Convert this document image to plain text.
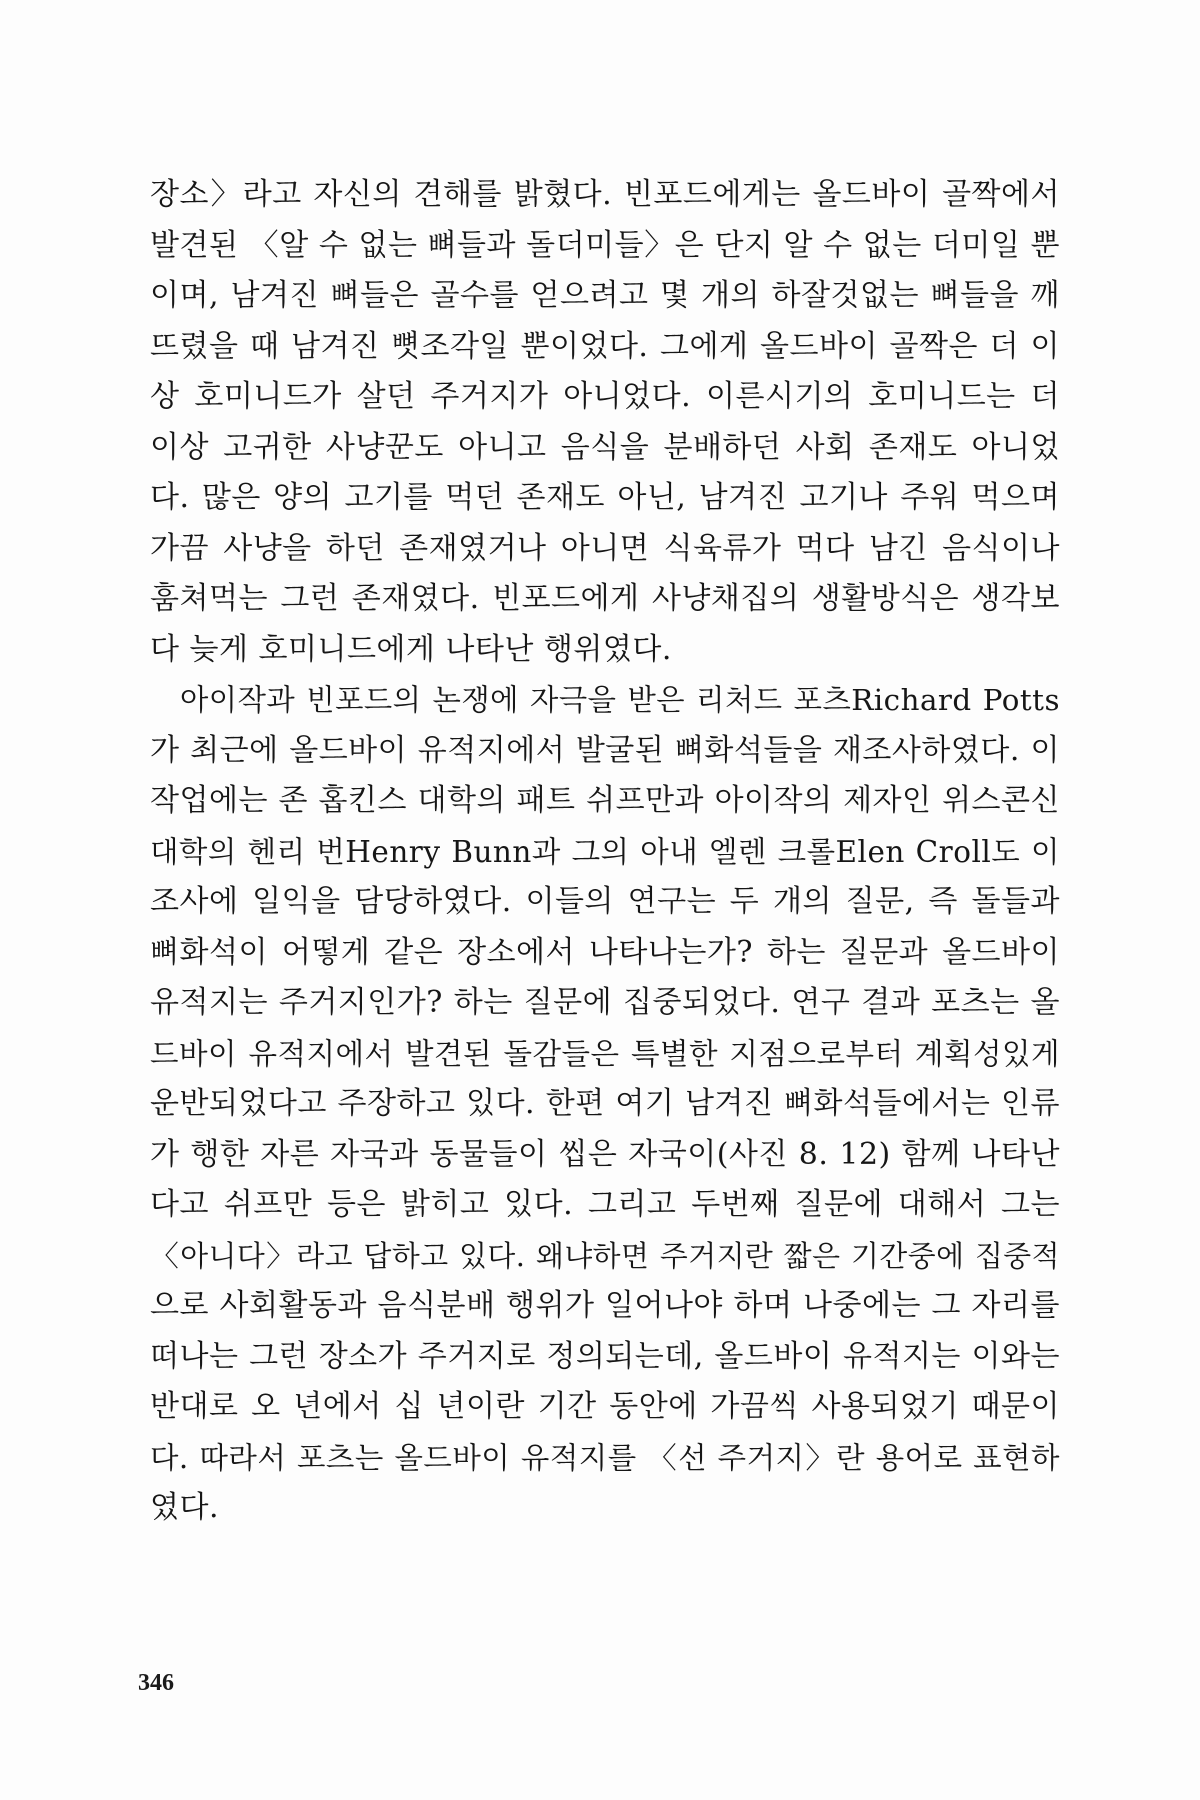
장소〉라고 자신의 견해를 밝혔다. 빈포드에게는 올드바이 골짝에서
발견된 〈알 수 없는 뼈들과 돌더미들〉은 단지 알 수 없는 더미일 뿐
이며, 남겨진 뼈들은 골수를 얻으려고 몇 개의 하잘것없는 뼈들을 깨
뜨렸을 때 남겨진 뼛조각일 뿐이었다. 그에게 올드바이 골짝은 더 이
상 호미니드가 살던 주거지가 아니었다. 이른시기의 호미니드는 더
이상 고귀한 사냥꾼도 아니고 음식을 분배하던 사회 존재도 아니었
다. 많은 양의 고기를 먹던 존재도 아닌, 남겨진 고기나 주워 먹으며
가끔 사냥을 하던 존재였거나 아니면 식육류가 먹다 남긴 음식이나
훔쳐먹는 그런 존재였다. 빈포드에게 사냥채집의 생활방식은 생각보
다 늦게 호미니드에게 나타난 행위였다.
아이작과 빈포드의 논쟁에 자극을 받은 리처드 포츠Richard Potts
가 최근에 올드바이 유적지에서 발굴된 뼈화석들을 재조사하였다. 이
작업에는 존 홉킨스 대학의 패트 쉬프만과 아이작의 제자인 위스콘신
대학의 헨리 번Henry Bunn과 그의 아내 엘렌 크롤Elen Croll도 이
조사에 일익을 담당하였다. 이들의 연구는 두 개의 질문, 즉 돌들과
뼈화석이 어떻게 같은 장소에서 나타나는가? 하는 질문과 올드바이
유적지는 주거지인가? 하는 질문에 집중되었다. 연구 결과 포츠는 올
드바이 유적지에서 발견된 돌감들은 특별한 지점으로부터 계획성있게
운반되었다고 주장하고 있다. 한편 여기 남겨진 뼈화석들에서는 인류
가 행한 자른 자국과 동물들이 씹은 자국이(사진 8. 12) 함께 나타난
다고 쉬프만 등은 밝히고 있다. 그리고 두번째 질문에 대해서 그는
〈아니다〉라고 답하고 있다. 왜냐하면 주거지란 짧은 기간중에 집중적
으로 사회활동과 음식분배 행위가 일어나야 하며 나중에는 그 자리를
떠나는 그런 장소가 주거지로 정의되는데, 올드바이 유적지는 이와는
반대로 오 년에서 십 년이란 기간 동안에 가끔씩 사용되었기 때문이
다. 따라서 포츠는 올드바이 유적지를 〈선 주거지〉란 용어로 표현하
였다.
346
